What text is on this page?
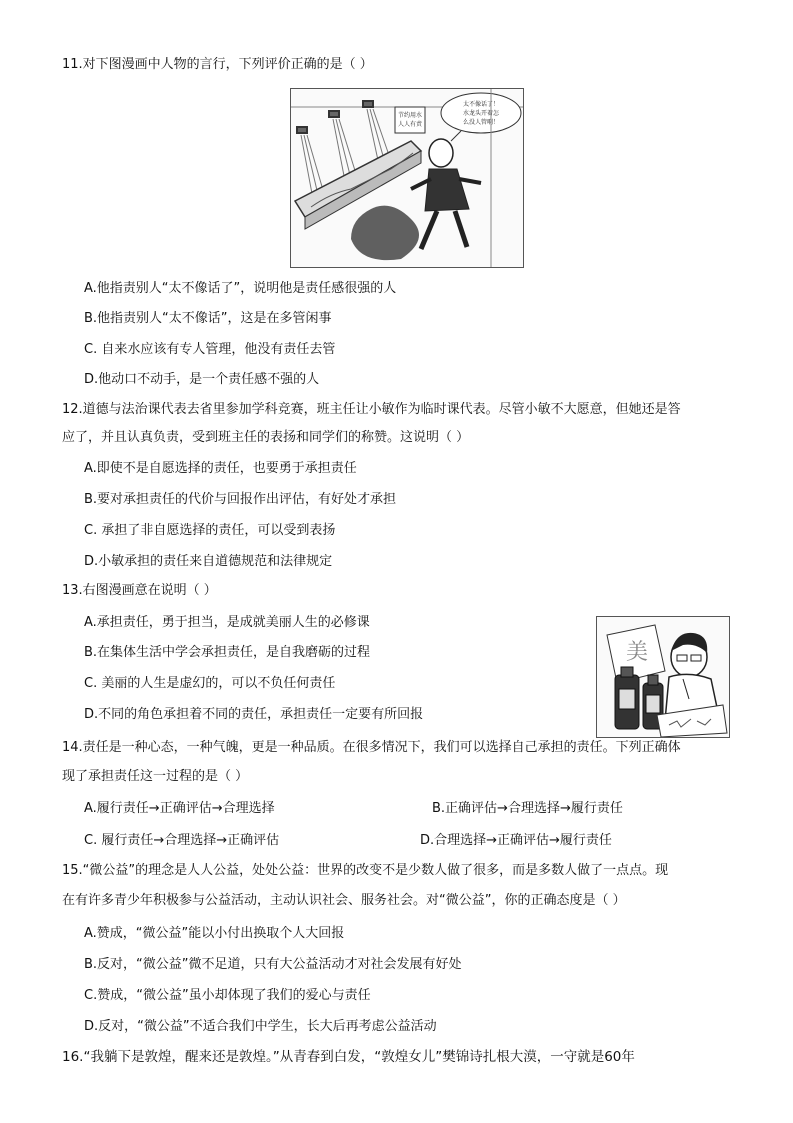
11.对下图漫画中人物的言行，下列评价正确的是（ ）
节约用水
人人有责
太不像话了！
水龙头开着怎
么没人管啊！
A.他指责别人“太不像话了”，说明他是责任感很强的人
B.他指责别人“太不像话”，这是在多管闲事
C. 自来水应该有专人管理，他没有责任去管
D.他动口不动手，是一个责任感不强的人
12.道德与法治课代表去省里参加学科竞赛，班主任让小敏作为临时课代表。尽管小敏不大愿意，但她还是答
应了，并且认真负责，受到班主任的表扬和同学们的称赞。这说明（ ）
A.即使不是自愿选择的责任，也要勇于承担责任
B.要对承担责任的代价与回报作出评估，有好处才承担
C. 承担了非自愿选择的责任，可以受到表扬
D.小敏承担的责任来自道德规范和法律规定
13.右图漫画意在说明（ ）
A.承担责任，勇于担当，是成就美丽人生的必修课
B.在集体生活中学会承担责任，是自我磨砺的过程
C. 美丽的人生是虚幻的，可以不负任何责任
D.不同的角色承担着不同的责任，承担责任一定要有所回报
美
14.责任是一种心态，一种气魄，更是一种品质。在很多情况下，我们可以选择自己承担的责任。下列正确体
现了承担责任这一过程的是（ ）
A.履行责任→正确评估→合理选择	B.正确评估→合理选择→履行责任
C. 履行责任→合理选择→正确评估	D.合理选择→正确评估→履行责任
15.“微公益”的理念是人人公益，处处公益：世界的改变不是少数人做了很多，而是多数人做了一点点。现
在有许多青少年积极参与公益活动，主动认识社会、服务社会。对“微公益”，你的正确态度是（ ）
A.赞成，“微公益”能以小付出换取个人大回报
B.反对，“微公益”微不足道，只有大公益活动才对社会发展有好处
C.赞成，“微公益”虽小却体现了我们的爱心与责任
D.反对，“微公益”不适合我们中学生，长大后再考虑公益活动
16.“我躺下是敦煌，醒来还是敦煌。”从青春到白发，“敦煌女儿”樊锦诗扎根大漠，一守就是60年
